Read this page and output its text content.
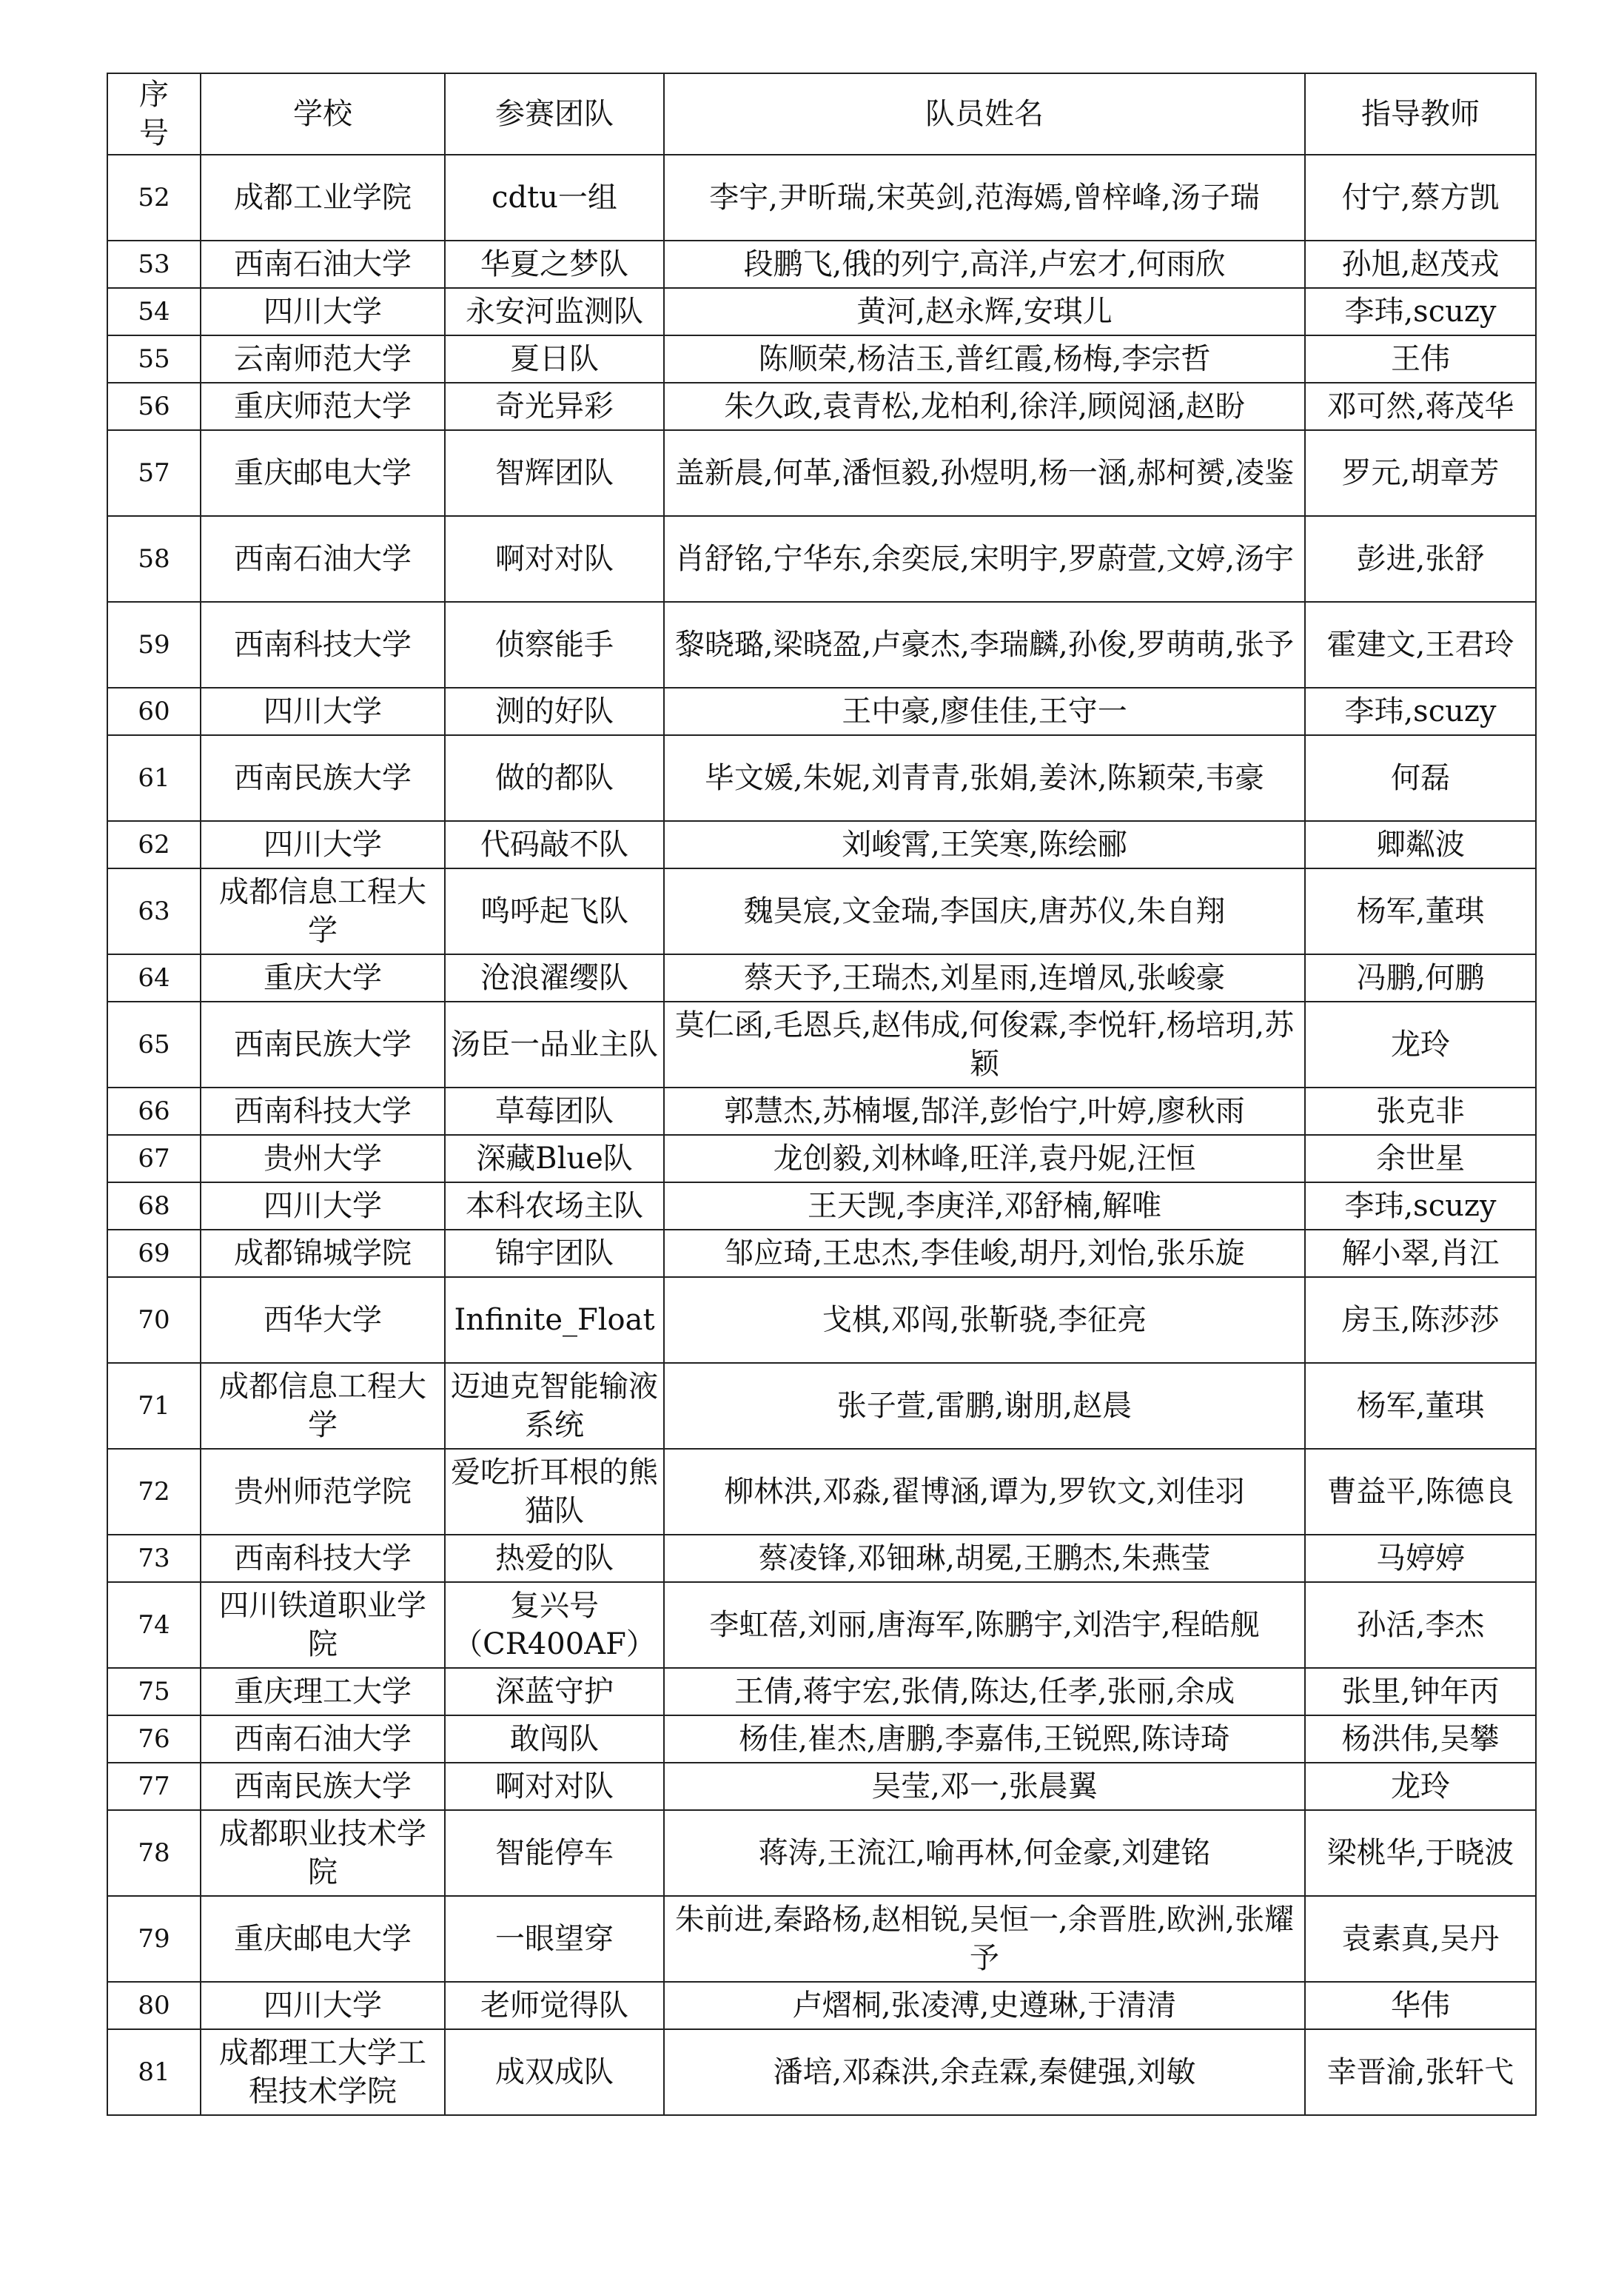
序号	学校	参赛团队	队员姓名	指导教师
52	成都工业学院	cdtu一组	李宇,尹昕瑞,宋英剑,范海嫣,曾梓峰,汤子瑞	付宁,蔡方凯
53	西南石油大学	华夏之梦队	段鹏飞,俄的列宁,高洋,卢宏才,何雨欣	孙旭,赵茂戎
54	四川大学	永安河监测队	黄河,赵永辉,安琪儿	李玮,scuzy
55	云南师范大学	夏日队	陈顺荣,杨洁玉,普红霞,杨梅,李宗哲	王伟
56	重庆师范大学	奇光异彩	朱久政,袁青松,龙柏利,徐洋,顾阅涵,赵盼	邓可然,蒋茂华
57	重庆邮电大学	智辉团队	盖新晨,何革,潘恒毅,孙煜明,杨一涵,郝柯赟,凌鉴	罗元,胡章芳
58	西南石油大学	啊对对队	肖舒铭,宁华东,余奕辰,宋明宇,罗蔚萱,文婷,汤宇	彭进,张舒
59	西南科技大学	侦察能手	黎晓璐,梁晓盈,卢豪杰,李瑞麟,孙俊,罗萌萌,张予	霍建文,王君玲
60	四川大学	测的好队	王中豪,廖佳佳,王守一	李玮,scuzy
61	西南民族大学	做的都队	毕文媛,朱妮,刘青青,张娟,姜沐,陈颖荣,韦豪	何磊
62	四川大学	代码敲不队	刘峻霄,王笑寒,陈绘郦	卿粼波
63	成都信息工程大学	鸣呼起飞队	魏昊宸,文金瑞,李国庆,唐苏仪,朱自翔	杨军,董琪
64	重庆大学	沧浪濯缨队	蔡天予,王瑞杰,刘星雨,连增凤,张峻豪	冯鹏,何鹏
65	西南民族大学	汤臣一品业主队	莫仁函,毛恩兵,赵伟成,何俊霖,李悦轩,杨培玥,苏颖	龙玲
66	西南科技大学	草莓团队	郭慧杰,苏楠堰,郜洋,彭怡宁,叶婷,廖秋雨	张克非
67	贵州大学	深藏Blue队	龙创毅,刘林峰,旺洋,袁丹妮,汪恒	余世星
68	四川大学	本科农场主队	王天觊,李庚洋,邓舒楠,解唯	李玮,scuzy
69	成都锦城学院	锦宇团队	邹应琦,王忠杰,李佳峻,胡丹,刘怡,张乐旋	解小翠,肖江
70	西华大学	Infinite_Float	戈棋,邓闯,张靳骁,李征亮	房玉,陈莎莎
71	成都信息工程大学	迈迪克智能输液系统	张子萱,雷鹏,谢朋,赵晨	杨军,董琪
72	贵州师范学院	爱吃折耳根的熊猫队	柳林洪,邓淼,翟博涵,谭为,罗钦文,刘佳羽	曹益平,陈德良
73	西南科技大学	热爱的队	蔡凌锋,邓钿琳,胡冕,王鹏杰,朱燕莹	马婷婷
74	四川铁道职业学院	复兴号（CR400AF）	李虹蓓,刘丽,唐海军,陈鹏宇,刘浩宇,程皓舰	孙活,李杰
75	重庆理工大学	深蓝守护	王倩,蒋宇宏,张倩,陈达,任孝,张丽,余成	张里,钟年丙
76	西南石油大学	敢闯队	杨佳,崔杰,唐鹏,李嘉伟,王锐熙,陈诗琦	杨洪伟,吴攀
77	西南民族大学	啊对对队	吴莹,邓一,张晨翼	龙玲
78	成都职业技术学院	智能停车	蒋涛,王流江,喻再林,何金豪,刘建铭	梁桃华,于晓波
79	重庆邮电大学	一眼望穿	朱前进,秦路杨,赵相锐,吴恒一,余晋胜,欧洲,张耀予	袁素真,吴丹
80	四川大学	老师觉得队	卢熠桐,张凌溥,史遵琳,于清清	华伟
81	成都理工大学工程技术学院	成双成队	潘培,邓森洪,余垚霖,秦健强,刘敏	幸晋渝,张轩弋
